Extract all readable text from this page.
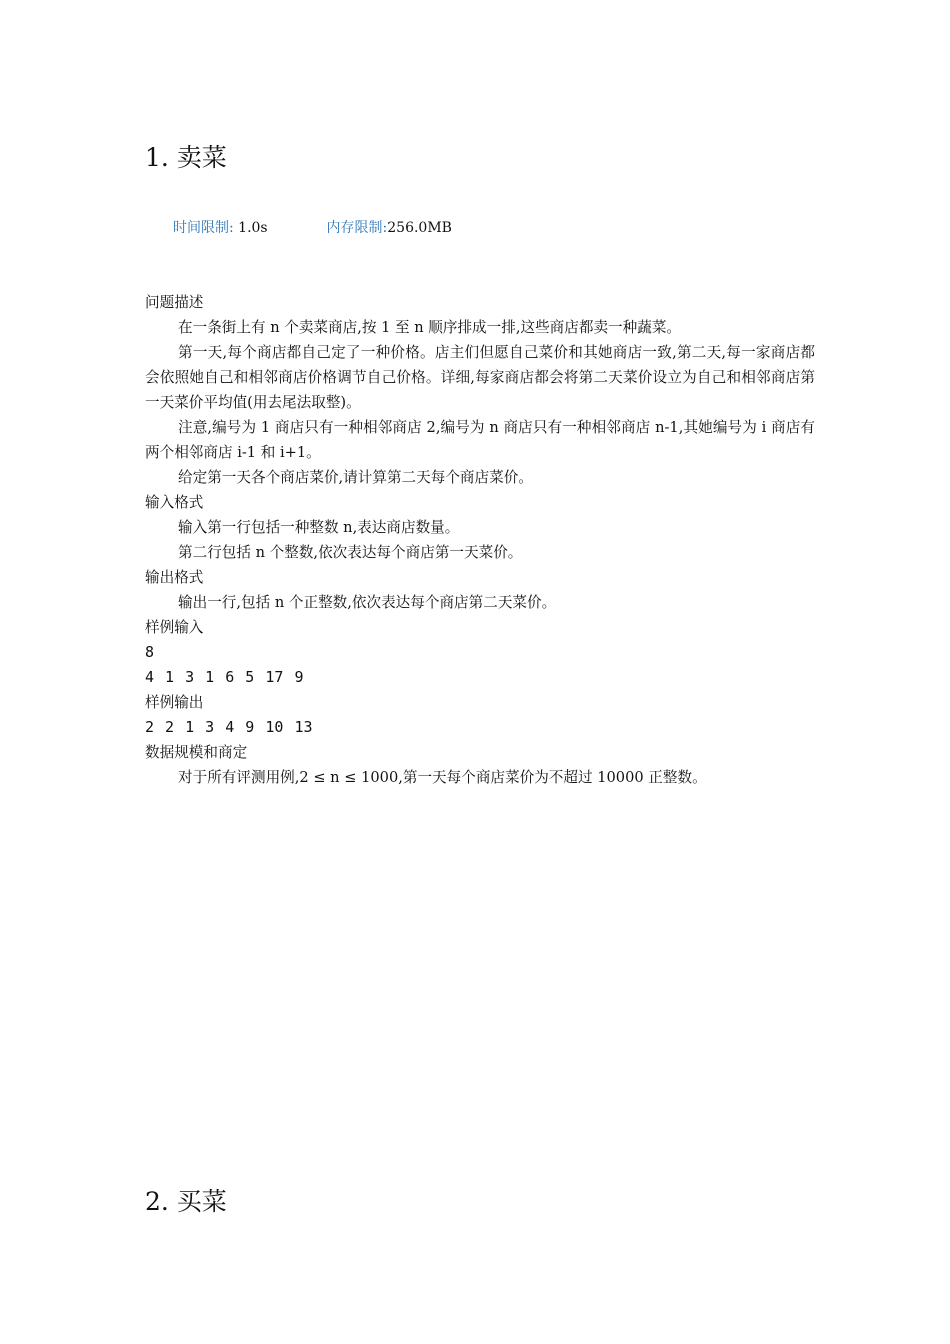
1. 卖菜
时间限制: 1.0s	内存限制:256.0MB

问题描述

在一条街上有 n 个卖菜商店,按 1 至 n 顺序排成一排,这些商店都卖一种蔬菜。

第一天,每个商店都自己定了一种价格。店主们但愿自己菜价和其她商店一致,第二天,每一家商店都会依照她自己和相邻商店价格调节自己价格。详细,每家商店都会将第二天菜价设立为自己和相邻商店第一天菜价平均值(用去尾法取整)。

注意,编号为 1 商店只有一种相邻商店 2,编号为 n 商店只有一种相邻商店 n-1,其她编号为 i 商店有两个相邻商店 i-1 和 i+1。

给定第一天各个商店菜价,请计算第二天每个商店菜价。

输入格式

输入第一行包括一种整数 n,表达商店数量。

第二行包括 n 个整数,依次表达每个商店第一天菜价。

输出格式

输出一行,包括 n 个正整数,依次表达每个商店第二天菜价。

样例输入

8

4 1 3 1 6 5 17 9

样例输出

2 2 1 3 4 9 10 13

数据规模和商定

对于所有评测用例,2 ≤ n ≤ 1000,第一天每个商店菜价为不超过 10000 正整数。

2. 买菜
